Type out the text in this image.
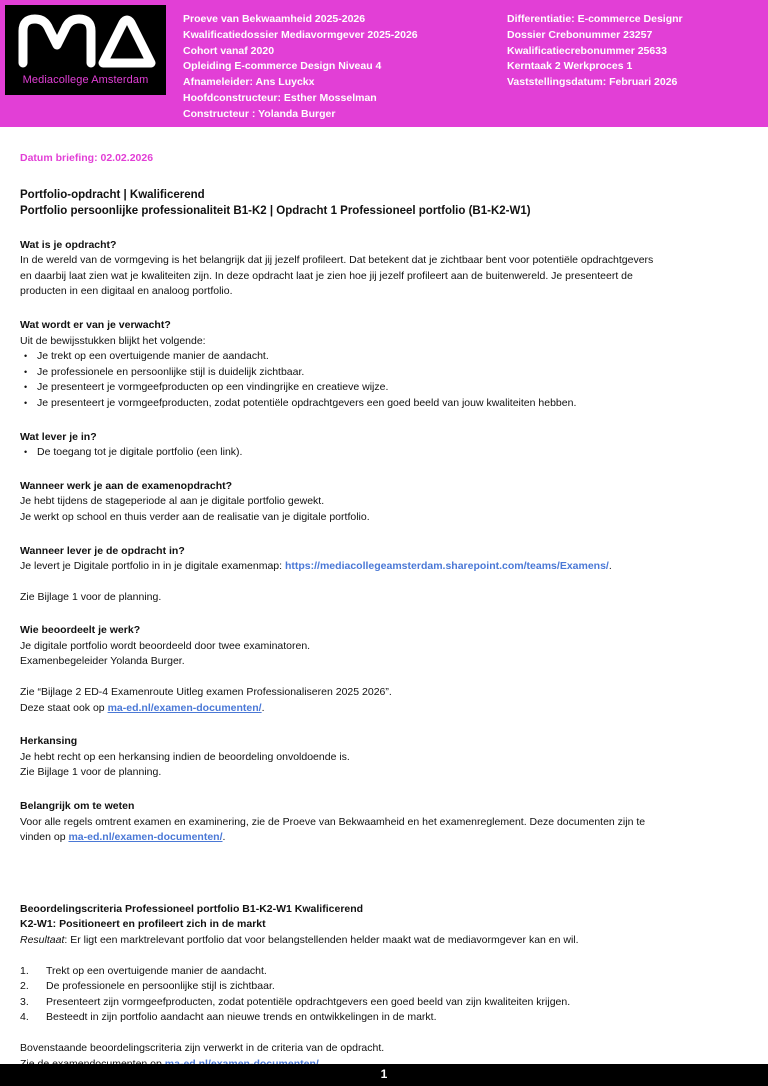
Mediacollege Amsterdam
Proeve van Bekwaamheid 2025-2026
Kwalificatiedossier Mediavormgever 2025-2026
Cohort vanaf 2020
Opleiding E-commerce Design Niveau 4
Afnameleider: Ans Luyckx
Hoofdconstructeur: Esther Mosselman
Constructeur : Yolanda Burger
Differentiatie: E-commerce Designr
Dossier Crebonummer 23257
Kwalificatiecrebonummer 25633
Kerntaak 2 Werkproces 1
Vaststellingsdatum: Februari 2026
Datum briefing: 02.02.2026
Portfolio-opdracht | Kwalificerend
Portfolio persoonlijke professionaliteit B1-K2 | Opdracht 1 Professioneel portfolio (B1-K2-W1)
Wat is je opdracht?
In de wereld van de vormgeving is het belangrijk dat jij jezelf profileert. Dat betekent dat je zichtbaar bent voor potentiële opdrachtgevers
en daarbij laat zien wat je kwaliteiten zijn. In deze opdracht laat je zien hoe jij jezelf profileert aan de buitenwereld. Je presenteert de
producten in een digitaal en analoog portfolio.
Wat wordt er van je verwacht?
Uit de bewijsstukken blijkt het volgende:
• Je trekt op een overtuigende manier de aandacht.
• Je professionele en persoonlijke stijl is duidelijk zichtbaar.
• Je presenteert je vormgeefproducten op een vindingrijke en creatieve wijze.
• Je presenteert je vormgeefproducten, zodat potentiële opdrachtgevers een goed beeld van jouw kwaliteiten hebben.
Wat lever je in?
• De toegang tot je digitale portfolio (een link).
Wanneer werk je aan de examenopdracht?
Je hebt tijdens de stageperiode al aan je digitale portfolio gewekt.
Je werkt op school en thuis verder aan de realisatie van je digitale portfolio.
Wanneer lever je de opdracht in?
Je levert je Digitale portfolio in in je digitale examenmap: https://mediacollegeamsterdam.sharepoint.com/teams/Examens/.
Zie Bijlage 1 voor de planning.
Wie beoordeelt je werk?
Je digitale portfolio wordt beoordeeld door twee examinatoren.
Examenbegeleider Yolanda Burger.
Zie “Bijlage 2 ED-4 Examenroute Uitleg examen Professionaliseren 2025 2026”.
Deze staat ook op ma-ed.nl/examen-documenten/.
Herkansing
Je hebt recht op een herkansing indien de beoordeling onvoldoende is.
Zie Bijlage 1 voor de planning.
Belangrijk om te weten
Voor alle regels omtrent examen en examinering, zie de Proeve van Bekwaamheid en het examenreglement. Deze documenten zijn te
vinden op ma-ed.nl/examen-documenten/.
Beoordelingscriteria Professioneel portfolio B1-K2-W1 Kwalificerend
K2-W1: Positioneert en profileert zich in de markt
Resultaat: Er ligt een marktrelevant portfolio dat voor belangstellenden helder maakt wat de mediavormgever kan en wil.
1. Trekt op een overtuigende manier de aandacht.
2. De professionele en persoonlijke stijl is zichtbaar.
3. Presenteert zijn vormgeefproducten, zodat potentiële opdrachtgevers een goed beeld van zijn kwaliteiten krijgen.
4. Besteedt in zijn portfolio aandacht aan nieuwe trends en ontwikkelingen in de markt.
Bovenstaande beoordelingscriteria zijn verwerkt in de criteria van de opdracht.
1
